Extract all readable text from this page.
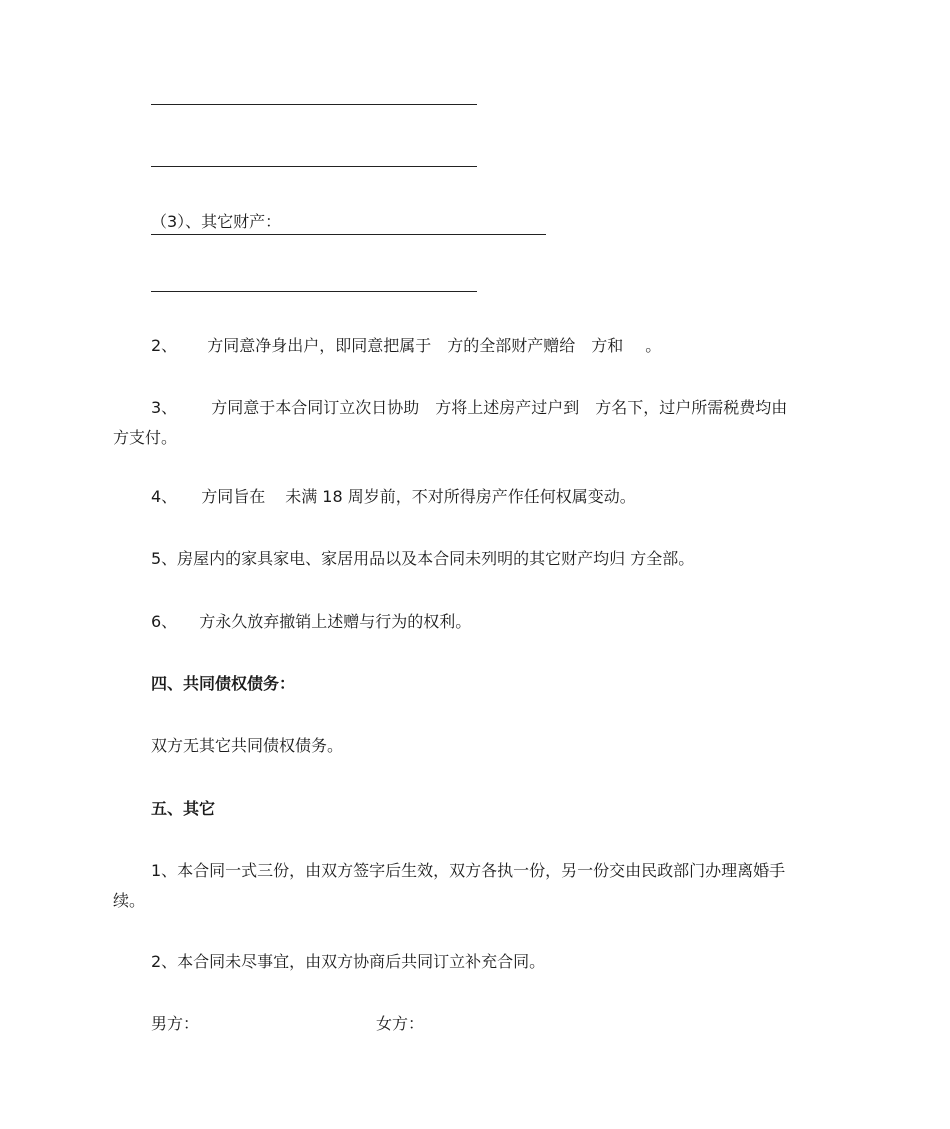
（3）、其它财产：
2、 方同意净身出户，即同意把属于 方的全部财产赠给 方和 。
3、 方同意于本合同订立次日协助 方将上述房产过户到 方名下，过户所需税费均由
方支付。
4、 方同旨在 未满 18 周岁前，不对所得房产作任何权属变动。
5、房屋内的家具家电、家居用品以及本合同未列明的其它财产均归 方全部。
6、 方永久放弃撤销上述赠与行为的权利。
四、共同债权债务：
双方无其它共同债权债务。
五、其它
1、本合同一式三份，由双方签字后生效，双方各执一份，另一份交由民政部门办理离婚手
续。
2、本合同未尽事宜，由双方协商后共同订立补充合同。
男方：	女方：
